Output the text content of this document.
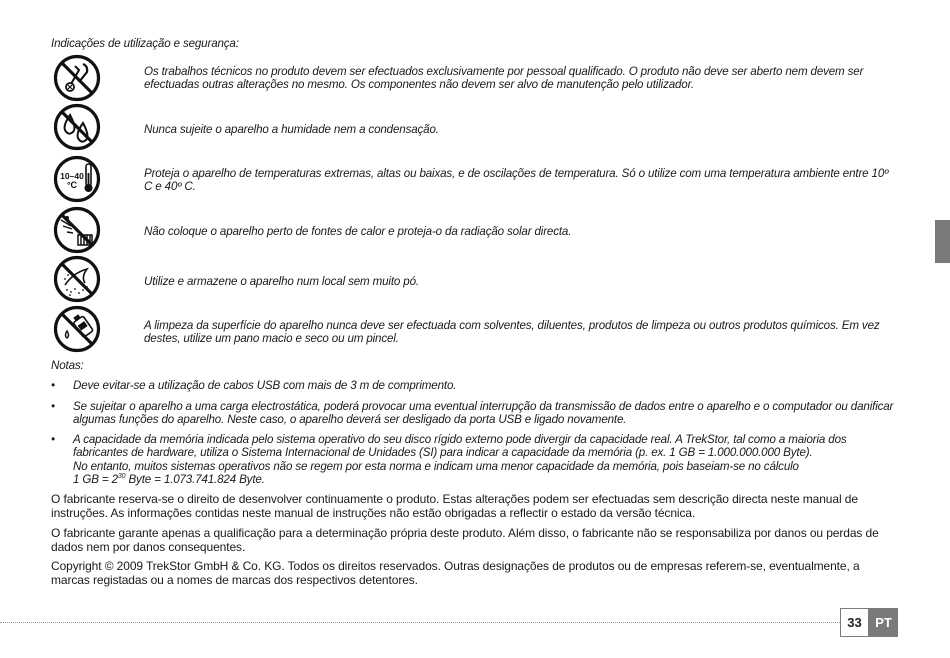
Indicações de utilização e segurança:
Os trabalhos técnicos no produto devem ser efectuados exclusivamente por pessoal qualificado. O produto não deve ser aberto nem devem ser efectuadas outras alterações no mesmo. Os componentes não devem ser alvo de manutenção pelo utilizador.
Nunca sujeite o aparelho a humidade nem a condensação.
10–40
°C
Proteja o aparelho de temperaturas extremas, altas ou baixas, e de oscilações de temperatura. Só o utilize com uma temperatura ambiente entre 10º C e 40º C.
Não coloque o aparelho perto de fontes de calor e proteja-o da radiação solar directa.
Utilize e armazene o aparelho num local sem muito pó.
A limpeza da superfície do aparelho nunca deve ser efectuada com solventes, diluentes, produtos de limpeza ou outros produtos químicos. Em vez destes, utilize um pano macio e seco ou um pincel.
Notas:
• Deve evitar-se a utilização de cabos USB com mais de 3 m de comprimento.
• Se sujeitar o aparelho a uma carga electrostática, poderá provocar uma eventual interrupção da transmissão de dados entre o aparelho e o computador ou danificar algumas funções do aparelho. Neste caso, o aparelho deverá ser desligado da porta USB e ligado novamente.
• A capacidade da memória indicada pelo sistema operativo do seu disco rígido externo pode divergir da capacidade real. A TrekStor, tal como a maioria dos fabricantes de hardware, utiliza o Sistema Internacional de Unidades (SI) para indicar a capacidade da memória (p. ex. 1 GB = 1.000.000.000 Byte).
No entanto, muitos sistemas operativos não se regem por esta norma e indicam uma menor capacidade da memória, pois baseiam-se no cálculo
1 GB = $2^{30}$ Byte = 1.073.741.824 Byte.
O fabricante reserva-se o direito de desenvolver continuamente o produto. Estas alterações podem ser efectuadas sem descrição directa neste manual de instruções. As informações contidas neste manual de instruções não estão obrigadas a reflectir o estado da versão técnica.
O fabricante garante apenas a qualificação para a determinação própria deste produto. Além disso, o fabricante não se responsabiliza por danos ou perdas de dados nem por danos consequentes.
Copyright © 2009 TrekStor GmbH & Co. KG. Todos os direitos reservados. Outras designações de produtos ou de empresas referem-se, eventualmente, a marcas registadas ou a nomes de marcas dos respectivos detentores.
33	PT
